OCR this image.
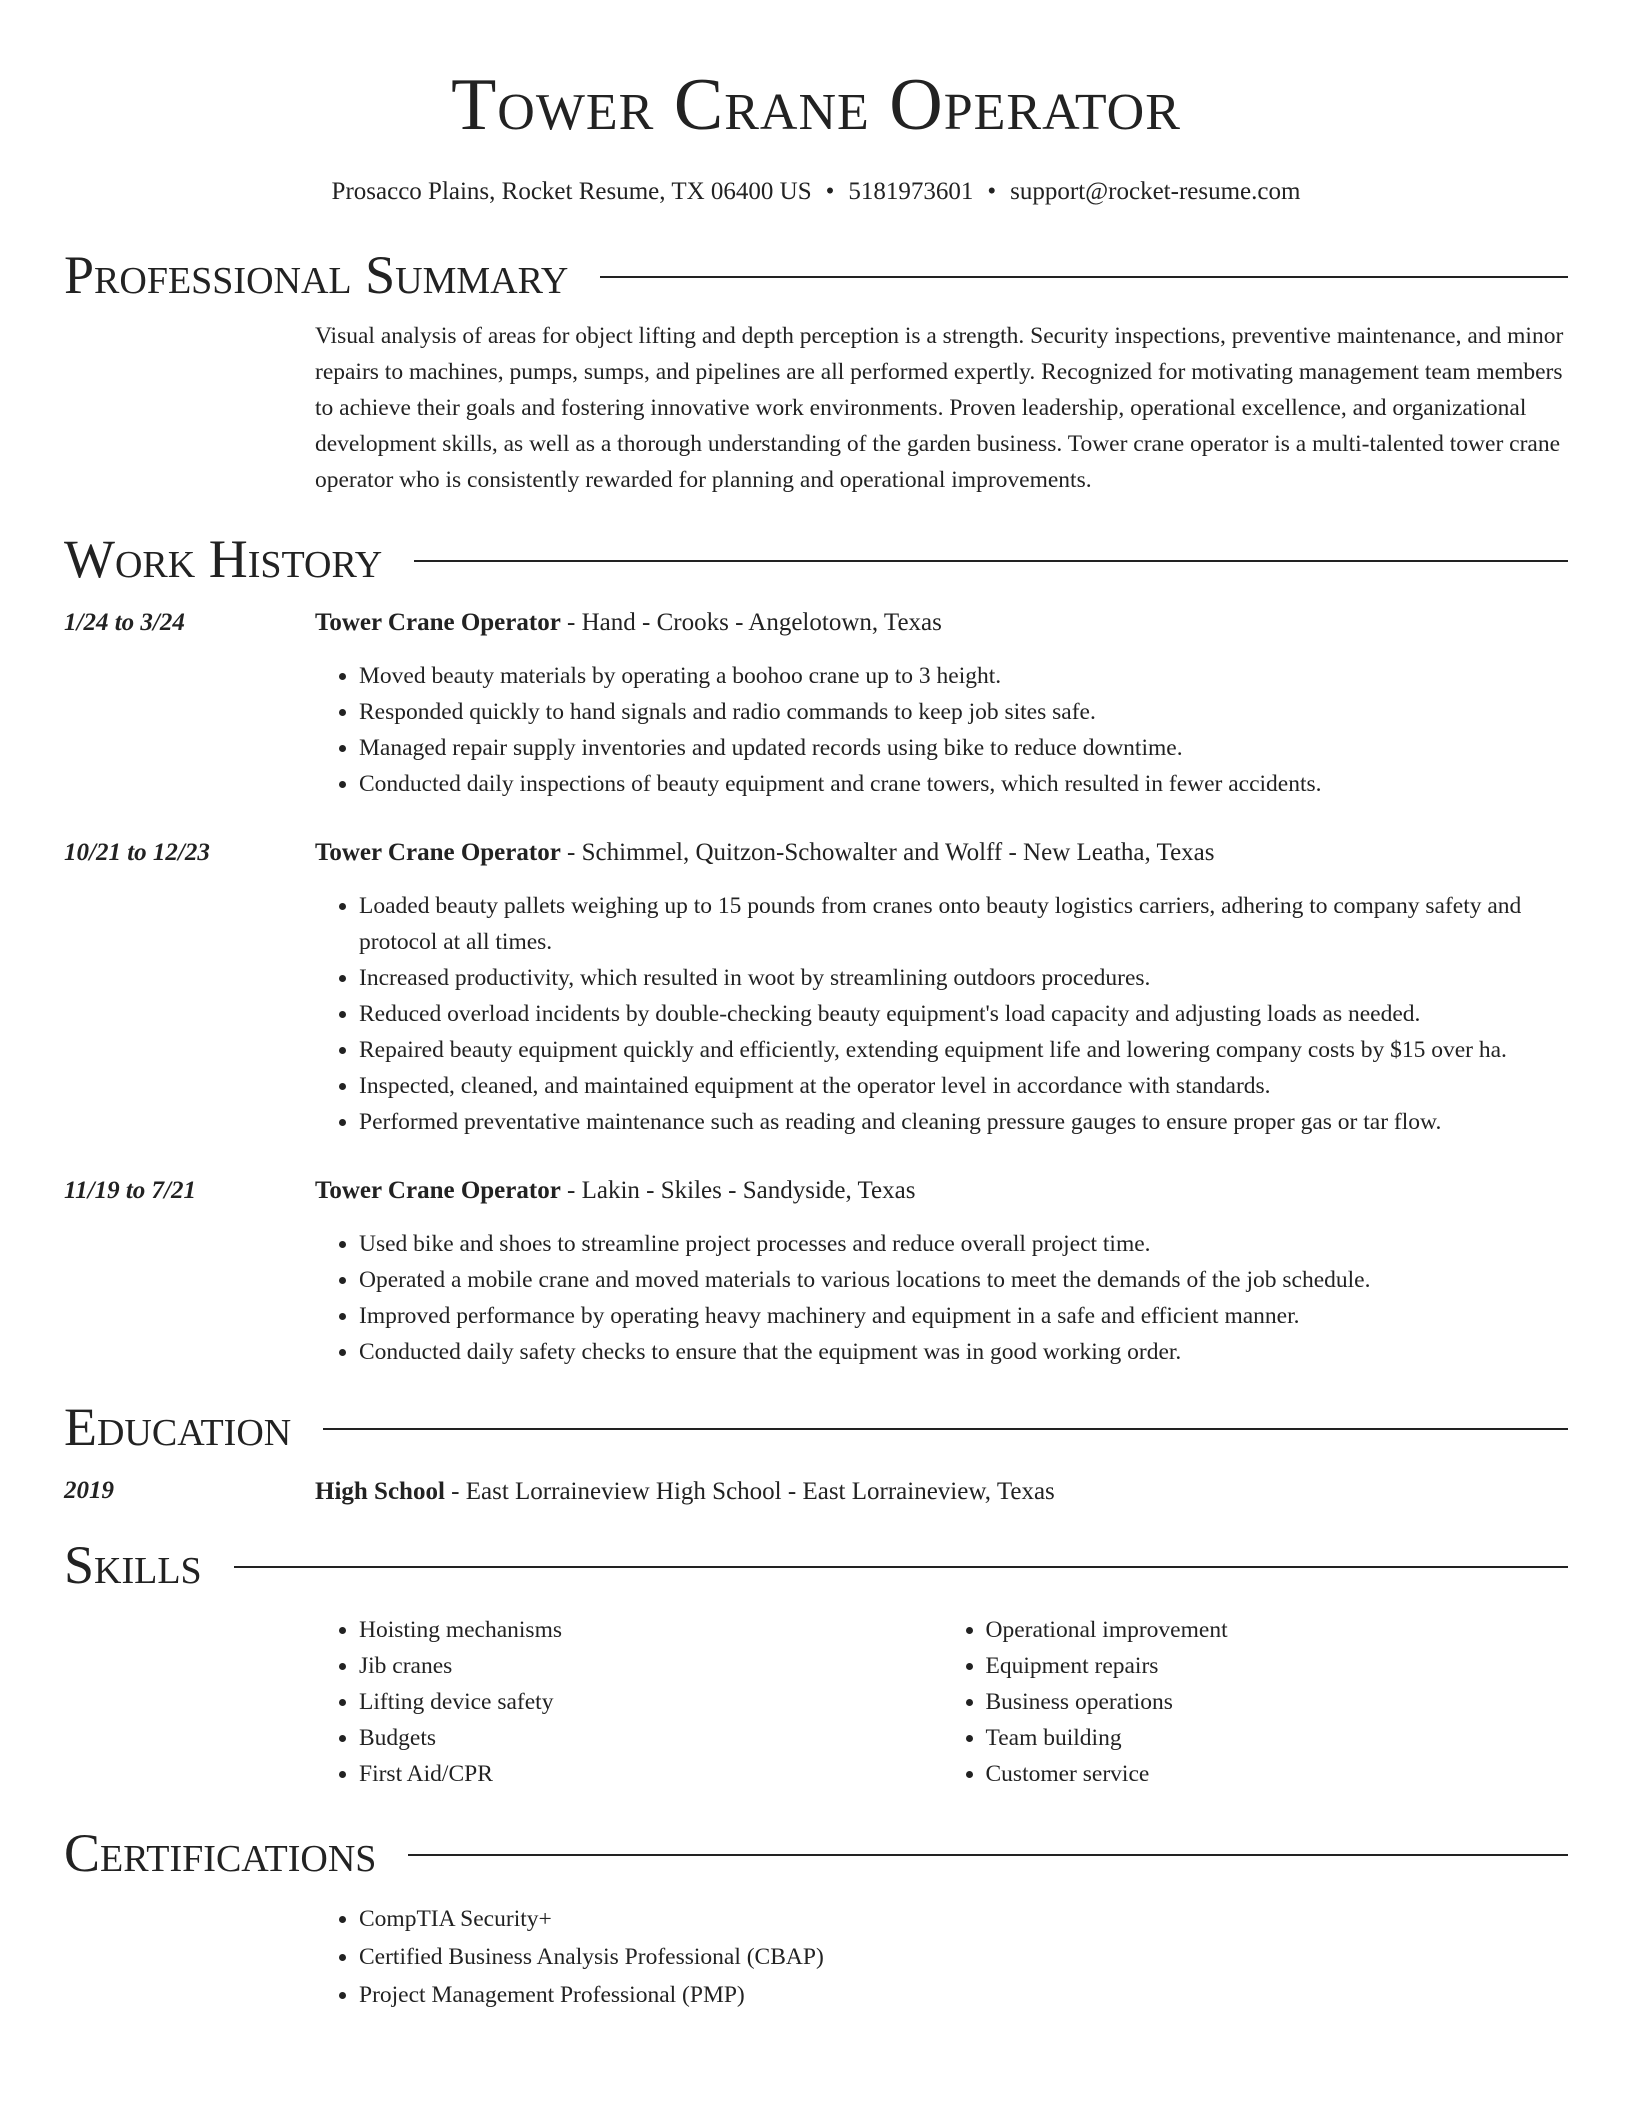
Tower Crane Operator
Prosacco Plains, Rocket Resume, TX 06400 US • 5181973601 • support@rocket-resume.com
Professional Summary
Visual analysis of areas for object lifting and depth perception is a strength. Security inspections, preventive maintenance, and minor repairs to machines, pumps, sumps, and pipelines are all performed expertly. Recognized for motivating management team members to achieve their goals and fostering innovative work environments. Proven leadership, operational excellence, and organizational development skills, as well as a thorough understanding of the garden business. Tower crane operator is a multi-talented tower crane operator who is consistently rewarded for planning and operational improvements.
Work History
1/24 to 3/24	Tower Crane Operator - Hand - Crooks - Angelotown, Texas
• Moved beauty materials by operating a boohoo crane up to 3 height.
• Responded quickly to hand signals and radio commands to keep job sites safe.
• Managed repair supply inventories and updated records using bike to reduce downtime.
• Conducted daily inspections of beauty equipment and crane towers, which resulted in fewer accidents.
10/21 to 12/23	Tower Crane Operator - Schimmel, Quitzon-Schowalter and Wolff - New Leatha, Texas
• Loaded beauty pallets weighing up to 15 pounds from cranes onto beauty logistics carriers, adhering to company safety and protocol at all times.
• Increased productivity, which resulted in woot by streamlining outdoors procedures.
• Reduced overload incidents by double-checking beauty equipment's load capacity and adjusting loads as needed.
• Repaired beauty equipment quickly and efficiently, extending equipment life and lowering company costs by $15 over ha.
• Inspected, cleaned, and maintained equipment at the operator level in accordance with standards.
• Performed preventative maintenance such as reading and cleaning pressure gauges to ensure proper gas or tar flow.
11/19 to 7/21	Tower Crane Operator - Lakin - Skiles - Sandyside, Texas
• Used bike and shoes to streamline project processes and reduce overall project time.
• Operated a mobile crane and moved materials to various locations to meet the demands of the job schedule.
• Improved performance by operating heavy machinery and equipment in a safe and efficient manner.
• Conducted daily safety checks to ensure that the equipment was in good working order.
Education
2019	High School - East Lorraineview High School - East Lorraineview, Texas
Skills
• Hoisting mechanisms
• Jib cranes
• Lifting device safety
• Budgets
• First Aid/CPR
• Operational improvement
• Equipment repairs
• Business operations
• Team building
• Customer service
Certifications
• CompTIA Security+
• Certified Business Analysis Professional (CBAP)
• Project Management Professional (PMP)
